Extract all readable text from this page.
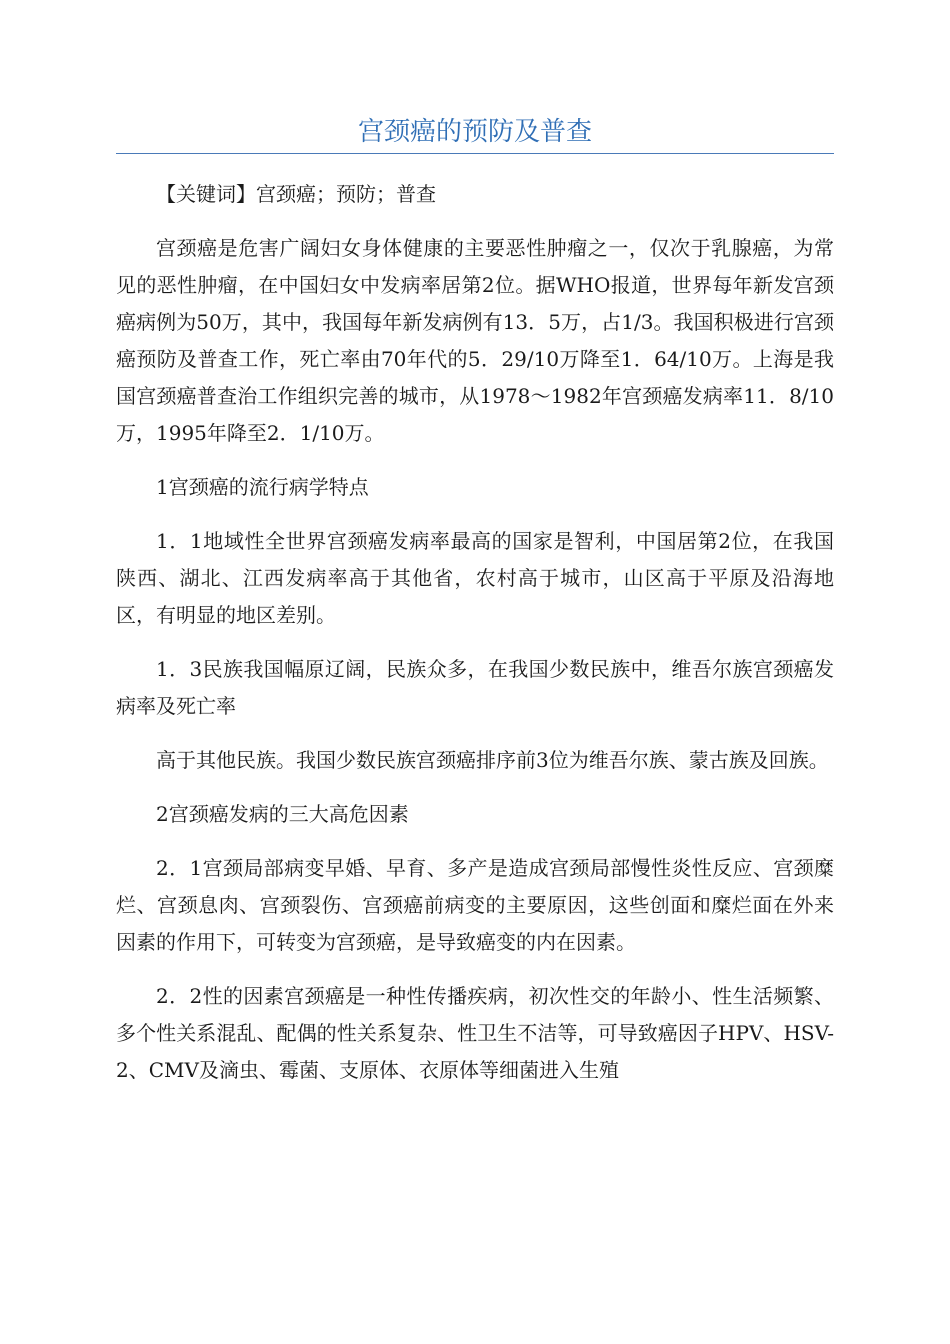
宫颈癌的预防及普查

【关键词】宫颈癌；预防；普查

宫颈癌是危害广阔妇女身体健康的主要恶性肿瘤之一，仅次于乳腺癌，为常见的恶性肿瘤，在中国妇女中发病率居第2位。据WHO报道，世界每年新发宫颈癌病例为50万，其中，我国每年新发病例有13．5万，占1/3。我国积极进行宫颈癌预防及普查工作，死亡率由70年代的5．29/10万降至1．64/10万。上海是我国宫颈癌普查治工作组织完善的城市，从1978～1982年宫颈癌发病率11．8/10万，1995年降至2．1/10万。

1宫颈癌的流行病学特点

1．1地域性全世界宫颈癌发病率最高的国家是智利，中国居第2位，在我国陕西、湖北、江西发病率高于其他省，农村高于城市，山区高于平原及沿海地区，有明显的地区差别。

1．3民族我国幅原辽阔，民族众多，在我国少数民族中，维吾尔族宫颈癌发病率及死亡率

高于其他民族。我国少数民族宫颈癌排序前3位为维吾尔族、蒙古族及回族。

2宫颈癌发病的三大高危因素

2．1宫颈局部病变早婚、早育、多产是造成宫颈局部慢性炎性反应、宫颈糜烂、宫颈息肉、宫颈裂伤、宫颈癌前病变的主要原因，这些创面和糜烂面在外来因素的作用下，可转变为宫颈癌，是导致癌变的内在因素。

2．2性的因素宫颈癌是一种性传播疾病，初次性交的年龄小、性生活频繁、多个性关系混乱、配偶的性关系复杂、性卫生不洁等，可导致癌因子HPV、HSV-2、CMV及滴虫、霉菌、支原体、衣原体等细菌进入生殖
